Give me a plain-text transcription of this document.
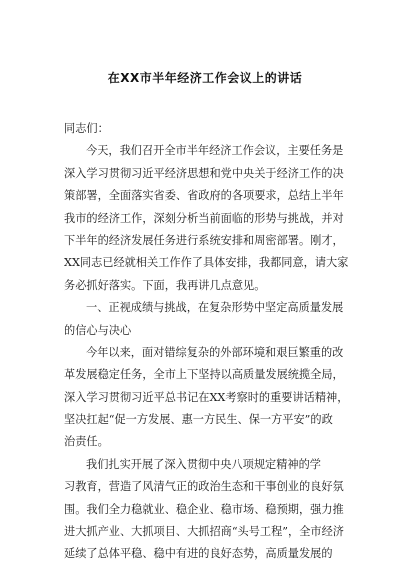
在XX市半年经济工作会议上的讲话
同志们：
今天，我们召开全市半年经济工作会议，主要任务是
深入学习贯彻习近平经济思想和党中央关于经济工作的决
策部署，全面落实省委、省政府的各项要求，总结上半年
我市的经济工作，深刻分析当前面临的形势与挑战，并对
下半年的经济发展任务进行系统安排和周密部署。刚才，
XX同志已经就相关工作作了具体安排，我都同意，请大家
务必抓好落实。下面，我再讲几点意见。
一、正视成绩与挑战，在复杂形势中坚定高质量发展
的信心与决心
今年以来，面对错综复杂的外部环境和艰巨繁重的改
革发展稳定任务，全市上下坚持以高质量发展统揽全局，
深入学习贯彻习近平总书记在XX考察时的重要讲话精神，
坚决扛起“促一方发展、惠一方民生、保一方平安”的政
治责任。
我们扎实开展了深入贯彻中央八项规定精神的学
习教育，营造了风清气正的政治生态和干事创业的良好氛
围。我们全力稳就业、稳企业、稳市场、稳预期，强力推
进大抓产业、大抓项目、大抓招商“头号工程”，全市经济
延续了总体平稳、稳中有进的良好态势，高质量发展的
